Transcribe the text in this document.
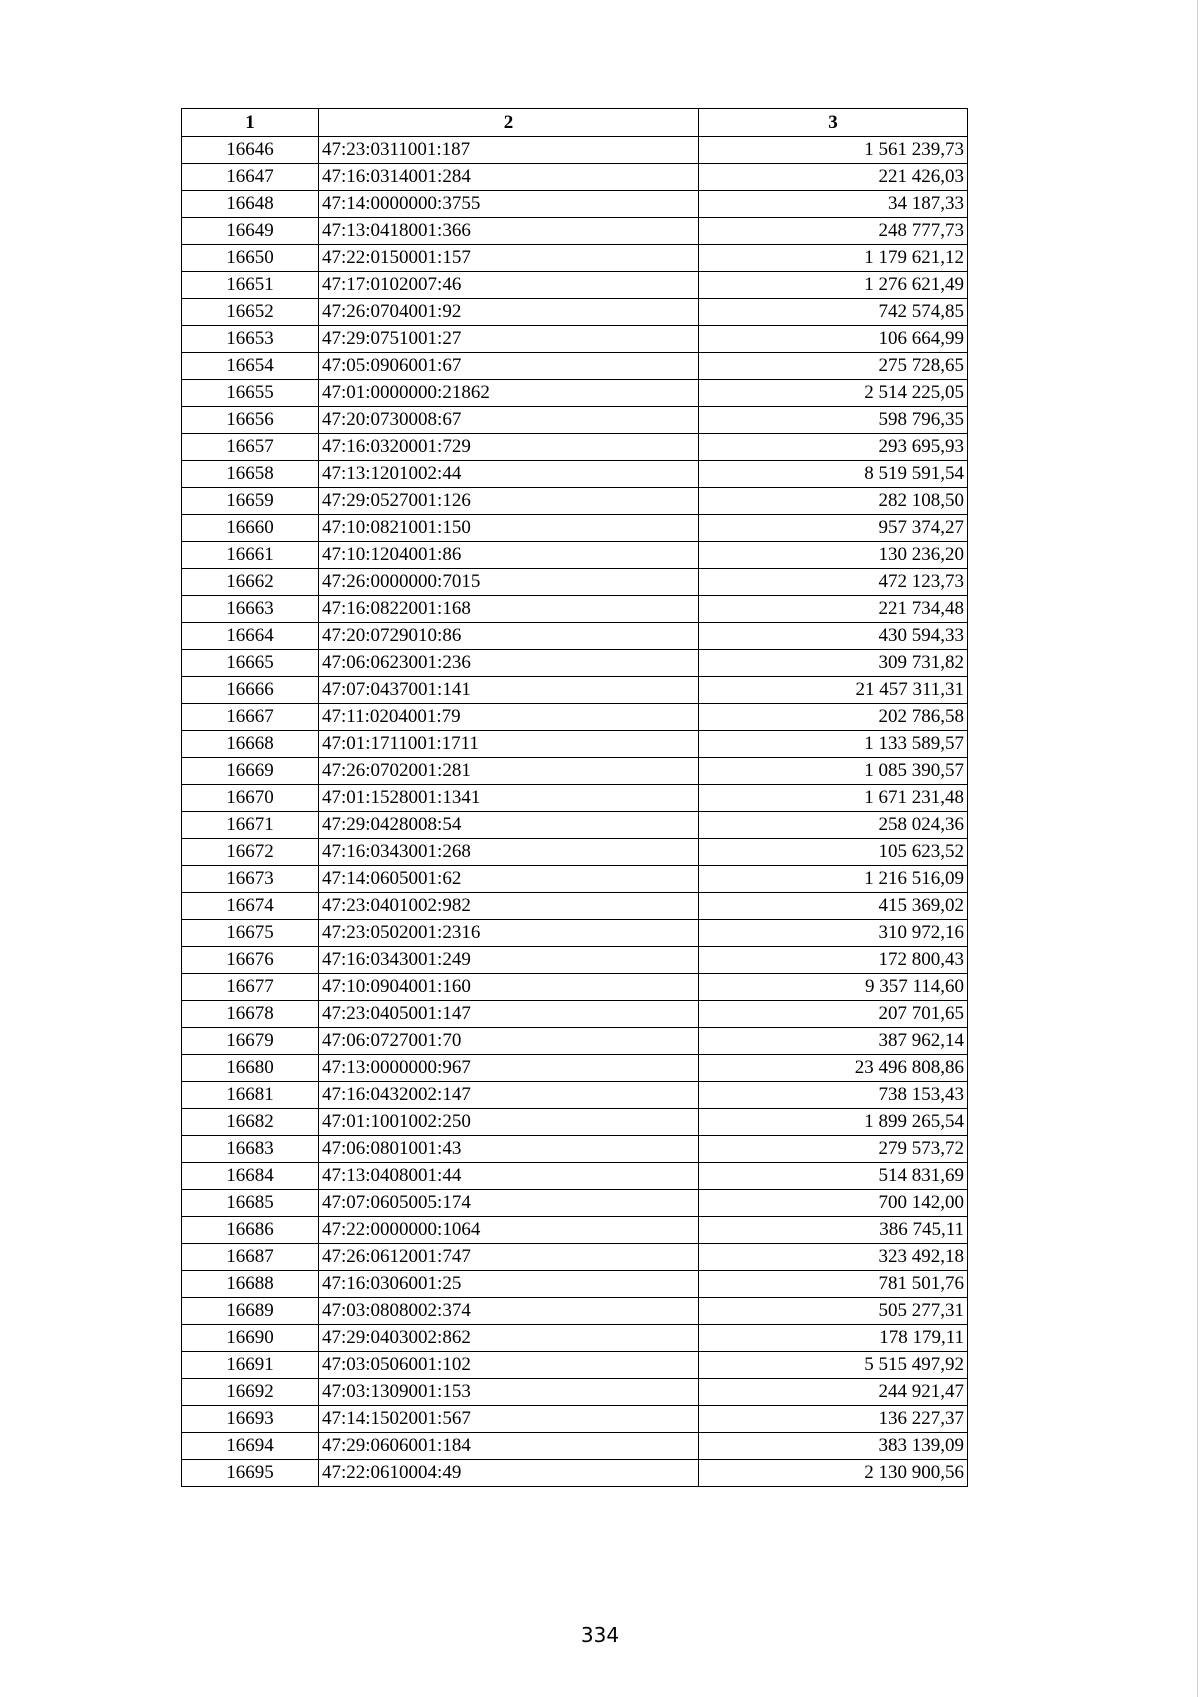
1	2	3
16646	47:23:0311001:187	1 561 239,73
16647	47:16:0314001:284	221 426,03
16648	47:14:0000000:3755	34 187,33
16649	47:13:0418001:366	248 777,73
16650	47:22:0150001:157	1 179 621,12
16651	47:17:0102007:46	1 276 621,49
16652	47:26:0704001:92	742 574,85
16653	47:29:0751001:27	106 664,99
16654	47:05:0906001:67	275 728,65
16655	47:01:0000000:21862	2 514 225,05
16656	47:20:0730008:67	598 796,35
16657	47:16:0320001:729	293 695,93
16658	47:13:1201002:44	8 519 591,54
16659	47:29:0527001:126	282 108,50
16660	47:10:0821001:150	957 374,27
16661	47:10:1204001:86	130 236,20
16662	47:26:0000000:7015	472 123,73
16663	47:16:0822001:168	221 734,48
16664	47:20:0729010:86	430 594,33
16665	47:06:0623001:236	309 731,82
16666	47:07:0437001:141	21 457 311,31
16667	47:11:0204001:79	202 786,58
16668	47:01:1711001:1711	1 133 589,57
16669	47:26:0702001:281	1 085 390,57
16670	47:01:1528001:1341	1 671 231,48
16671	47:29:0428008:54	258 024,36
16672	47:16:0343001:268	105 623,52
16673	47:14:0605001:62	1 216 516,09
16674	47:23:0401002:982	415 369,02
16675	47:23:0502001:2316	310 972,16
16676	47:16:0343001:249	172 800,43
16677	47:10:0904001:160	9 357 114,60
16678	47:23:0405001:147	207 701,65
16679	47:06:0727001:70	387 962,14
16680	47:13:0000000:967	23 496 808,86
16681	47:16:0432002:147	738 153,43
16682	47:01:1001002:250	1 899 265,54
16683	47:06:0801001:43	279 573,72
16684	47:13:0408001:44	514 831,69
16685	47:07:0605005:174	700 142,00
16686	47:22:0000000:1064	386 745,11
16687	47:26:0612001:747	323 492,18
16688	47:16:0306001:25	781 501,76
16689	47:03:0808002:374	505 277,31
16690	47:29:0403002:862	178 179,11
16691	47:03:0506001:102	5 515 497,92
16692	47:03:1309001:153	244 921,47
16693	47:14:1502001:567	136 227,37
16694	47:29:0606001:184	383 139,09
16695	47:22:0610004:49	2 130 900,56
334
